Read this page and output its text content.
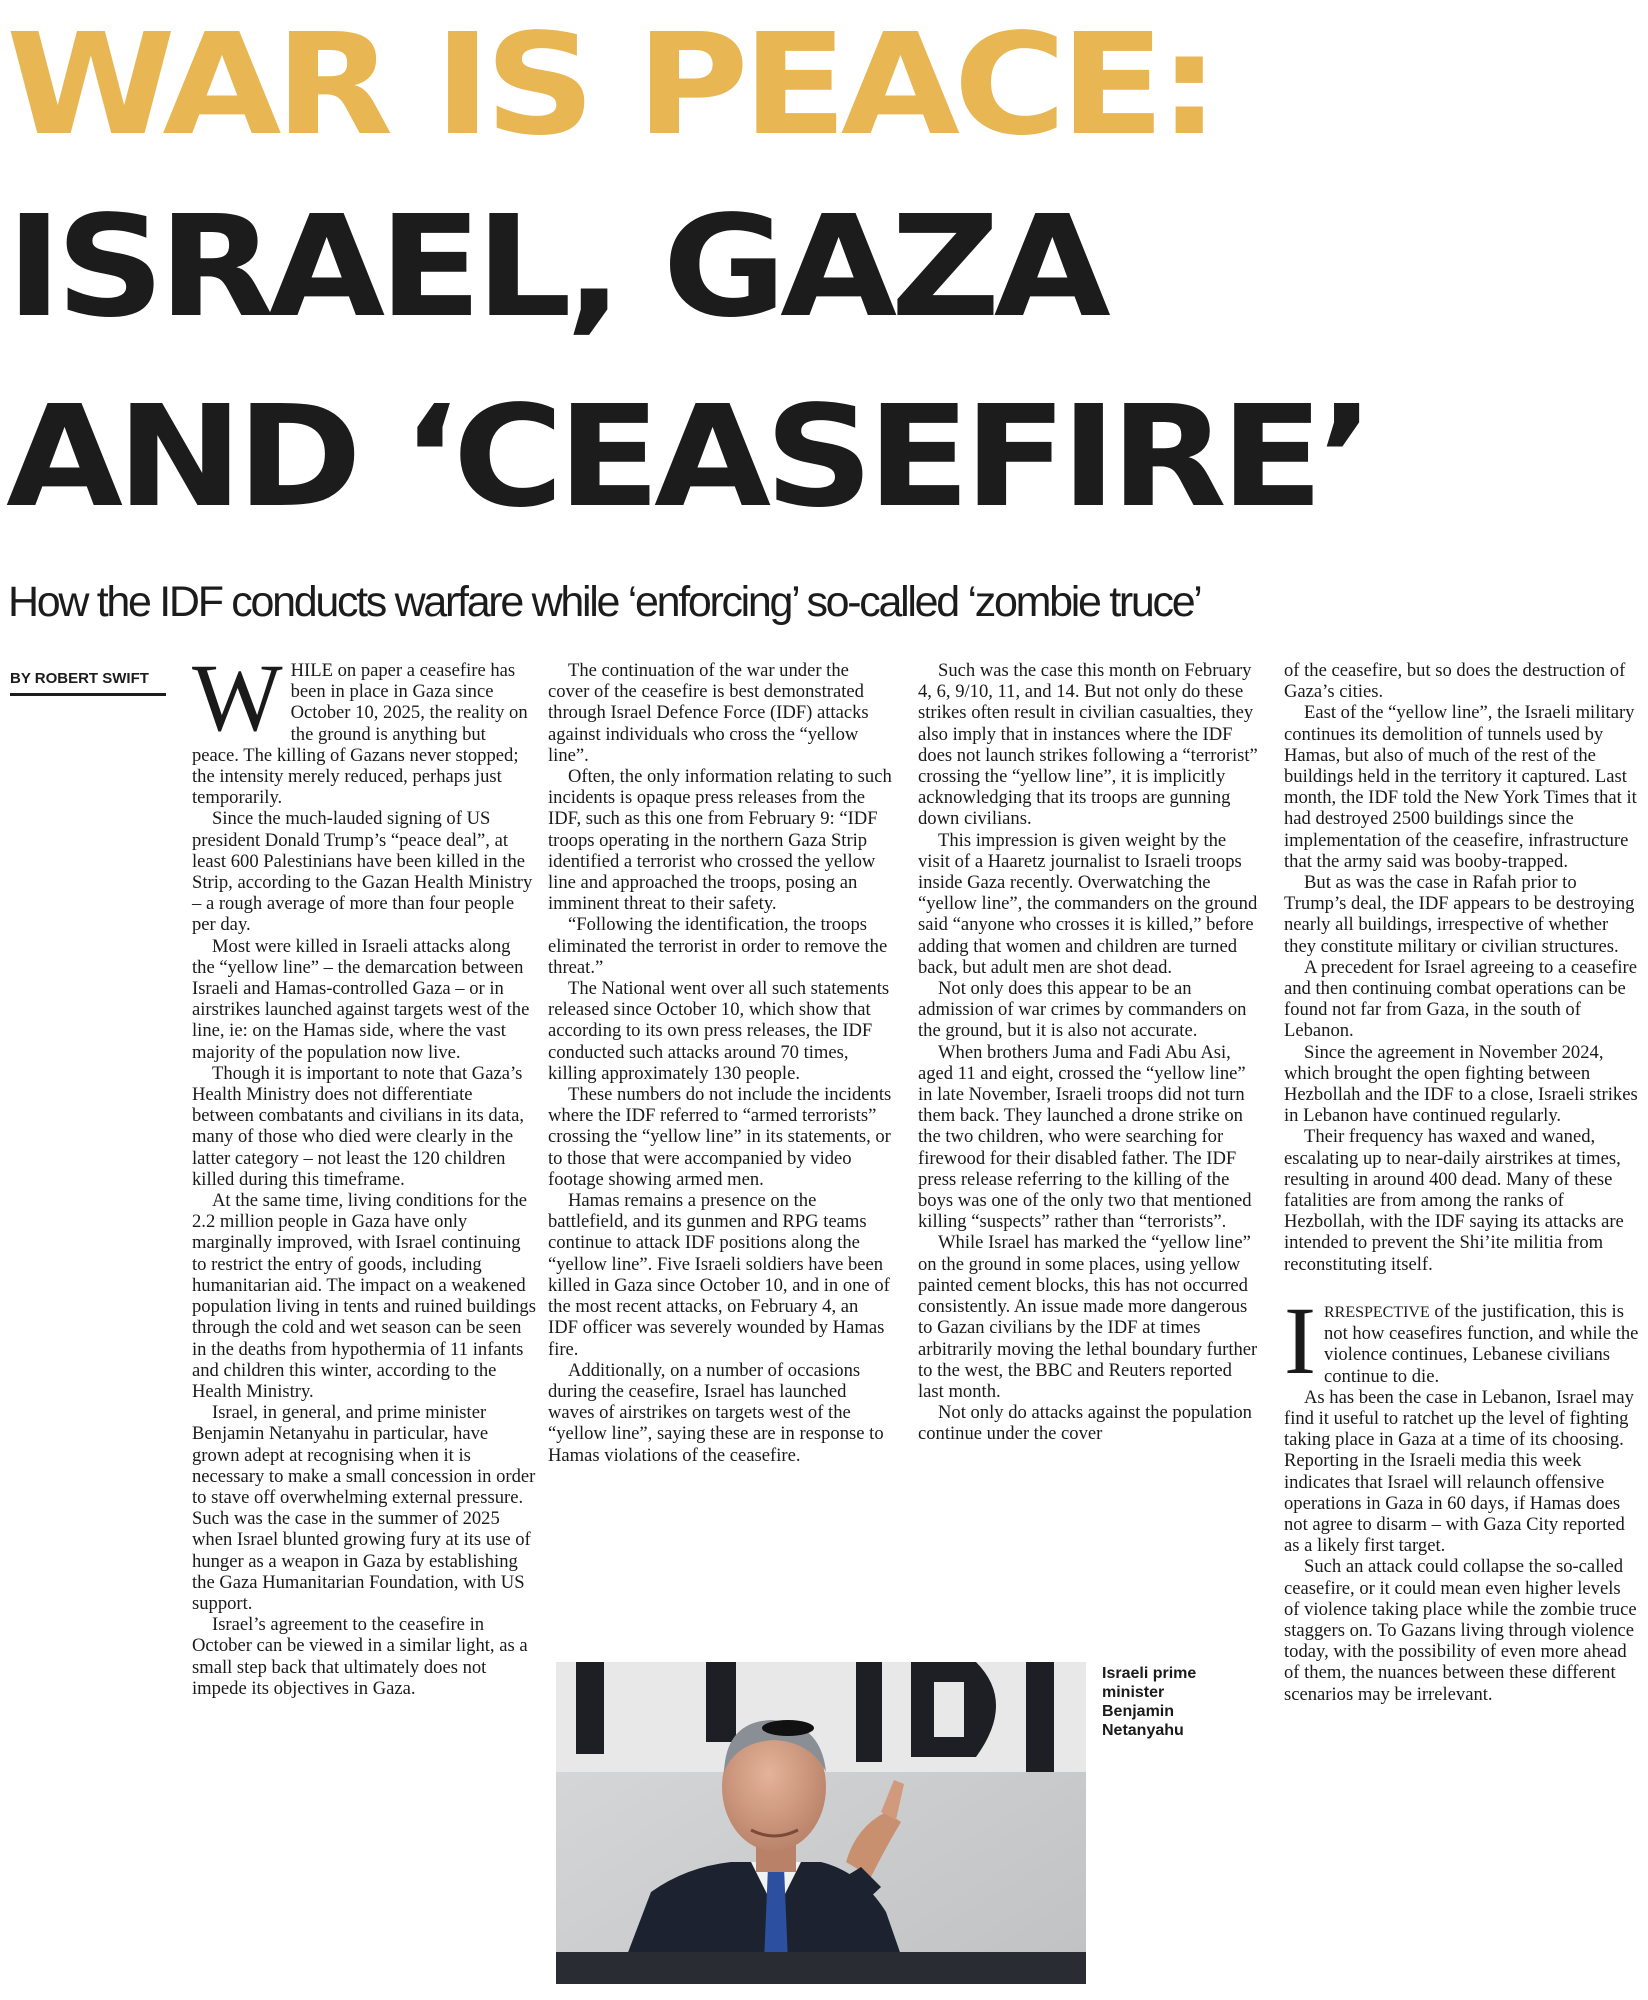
WAR IS PEACE:
ISRAEL, GAZA
AND ‘CEASEFIRE’
How the IDF conducts warfare while ‘enforcing’ so-called ‘zombie truce’
BY ROBERT SWIFT WHILE on paper a ceasefire has been in place in Gaza since October 10, 2025, the reality on the ground is anything but peace. The killing of Gazans never stopped; the intensity merely reduced, perhaps just temporarily.

Since the much-lauded signing of US president Donald Trump’s “peace deal”, at least 600 Palestinians have been killed in the Strip, according to the Gazan Health Ministry – a rough average of more than four people per day.

Most were killed in Israeli attacks along the “yellow line” – the demarcation between Israeli and Hamas-controlled Gaza – or in airstrikes launched against targets west of the line, ie: on the Hamas side, where the vast majority of the population now live.

Though it is important to note that Gaza’s Health Ministry does not differentiate between combatants and civilians in its data, many of those who died were clearly in the latter category – not least the 120 children killed during this timeframe.

At the same time, living conditions for the 2.2 million people in Gaza have only marginally improved, with Israel continuing to restrict the entry of goods, including humanitarian aid. The impact on a weakened population living in tents and ruined buildings through the cold and wet season can be seen in the deaths from hypothermia of 11 infants and children this winter, according to the Health Ministry.

Israel, in general, and prime minister Benjamin Netanyahu in particular, have grown adept at recognising when it is necessary to make a small concession in order to stave off overwhelming external pressure. Such was the case in the summer of 2025 when Israel blunted growing fury at its use of hunger as a weapon in Gaza by establishing the Gaza Humanitarian Foundation, with US support.

Israel’s agreement to the ceasefire in October can be viewed in a similar light, as a small step back that ultimately does not impede its objectives in Gaza.

The continuation of the war under the cover of the ceasefire is best demonstrated through Israel Defence Force (IDF) attacks against individuals who cross the “yellow line”.

Often, the only information relating to such incidents is opaque press releases from the IDF, such as this one from February 9: “IDF troops operating in the northern Gaza Strip identified a terrorist who crossed the yellow line and approached the troops, posing an imminent threat to their safety.

“Following the identification, the troops eliminated the terrorist in order to remove the threat.”

The National went over all such statements released since October 10, which show that according to its own press releases, the IDF conducted such attacks around 70 times, killing approximately 130 people.

These numbers do not include the incidents where the IDF referred to “armed terrorists” crossing the “yellow line” in its statements, or to those that were accompanied by video footage showing armed men.

Hamas remains a presence on the battlefield, and its gunmen and RPG teams continue to attack IDF positions along the “yellow line”. Five Israeli soldiers have been killed in Gaza since October 10, and in one of the most recent attacks, on February 4, an IDF officer was severely wounded by Hamas fire.

Additionally, on a number of occasions during the ceasefire, Israel has launched waves of airstrikes on targets west of the “yellow line”, saying these are in response to Hamas violations of the ceasefire.

Such was the case this month on February 4, 6, 9/10, 11, and 14. But not only do these strikes often result in civilian casualties, they also imply that in instances where the IDF does not launch strikes following a “terrorist” crossing the “yellow line”, it is implicitly acknowledging that its troops are gunning down civilians.

This impression is given weight by the visit of a Haaretz journalist to Israeli troops inside Gaza recently. Overwatching the “yellow line”, the commanders on the ground said “anyone who crosses it is killed,” before adding that women and children are turned back, but adult men are shot dead.

Not only does this appear to be an admission of war crimes by commanders on the ground, but it is also not accurate.

When brothers Juma and Fadi Abu Asi, aged 11 and eight, crossed the “yellow line” in late November, Israeli troops did not turn them back. They launched a drone strike on the two children, who were searching for firewood for their disabled father. The IDF press release referring to the killing of the boys was one of the only two that mentioned killing “suspects” rather than “terrorists”.

While Israel has marked the “yellow line” on the ground in some places, using yellow painted cement blocks, this has not occurred consistently. An issue made more dangerous to Gazan civilians by the IDF at times arbitrarily moving the lethal boundary further to the west, the BBC and Reuters reported last month.

Not only do attacks against the population continue under the cover

of the ceasefire, but so does the destruction of Gaza’s cities.

East of the “yellow line”, the Israeli military continues its demolition of tunnels used by Hamas, but also of much of the rest of the buildings held in the territory it captured. Last month, the IDF told the New York Times that it had destroyed 2500 buildings since the implementation of the ceasefire, infrastructure that the army said was booby-trapped.

But as was the case in Rafah prior to Trump’s deal, the IDF appears to be destroying nearly all buildings, irrespective of whether they constitute military or civilian structures.

A precedent for Israel agreeing to a ceasefire and then continuing combat operations can be found not far from Gaza, in the south of Lebanon.

Since the agreement in November 2024, which brought the open fighting between Hezbollah and the IDF to a close, Israeli strikes in Lebanon have continued regularly.

Their frequency has waxed and waned, escalating up to near-daily airstrikes at times, resulting in around 400 dead. Many of these fatalities are from among the ranks of Hezbollah, with the IDF saying its attacks are intended to prevent the Shi’ite militia from reconstituting itself.

IRRESPECTIVE of the justification, this is not how ceasefires function, and while the violence continues, Lebanese civilians continue to die.

As has been the case in Lebanon, Israel may find it useful to ratchet up the level of fighting taking place in Gaza at a time of its choosing. Reporting in the Israeli media this week indicates that Israel will relaunch offensive operations in Gaza in 60 days, if Hamas does not agree to disarm – with Gaza City reported as a likely first target.

Such an attack could collapse the so-called ceasefire, or it could mean even higher levels of violence taking place while the zombie truce staggers on. To Gazans living through violence today, with the possibility of even more ahead of them, the nuances between these different scenarios may be irrelevant.

Israeli prime
minister
Benjamin
Netanyahu
